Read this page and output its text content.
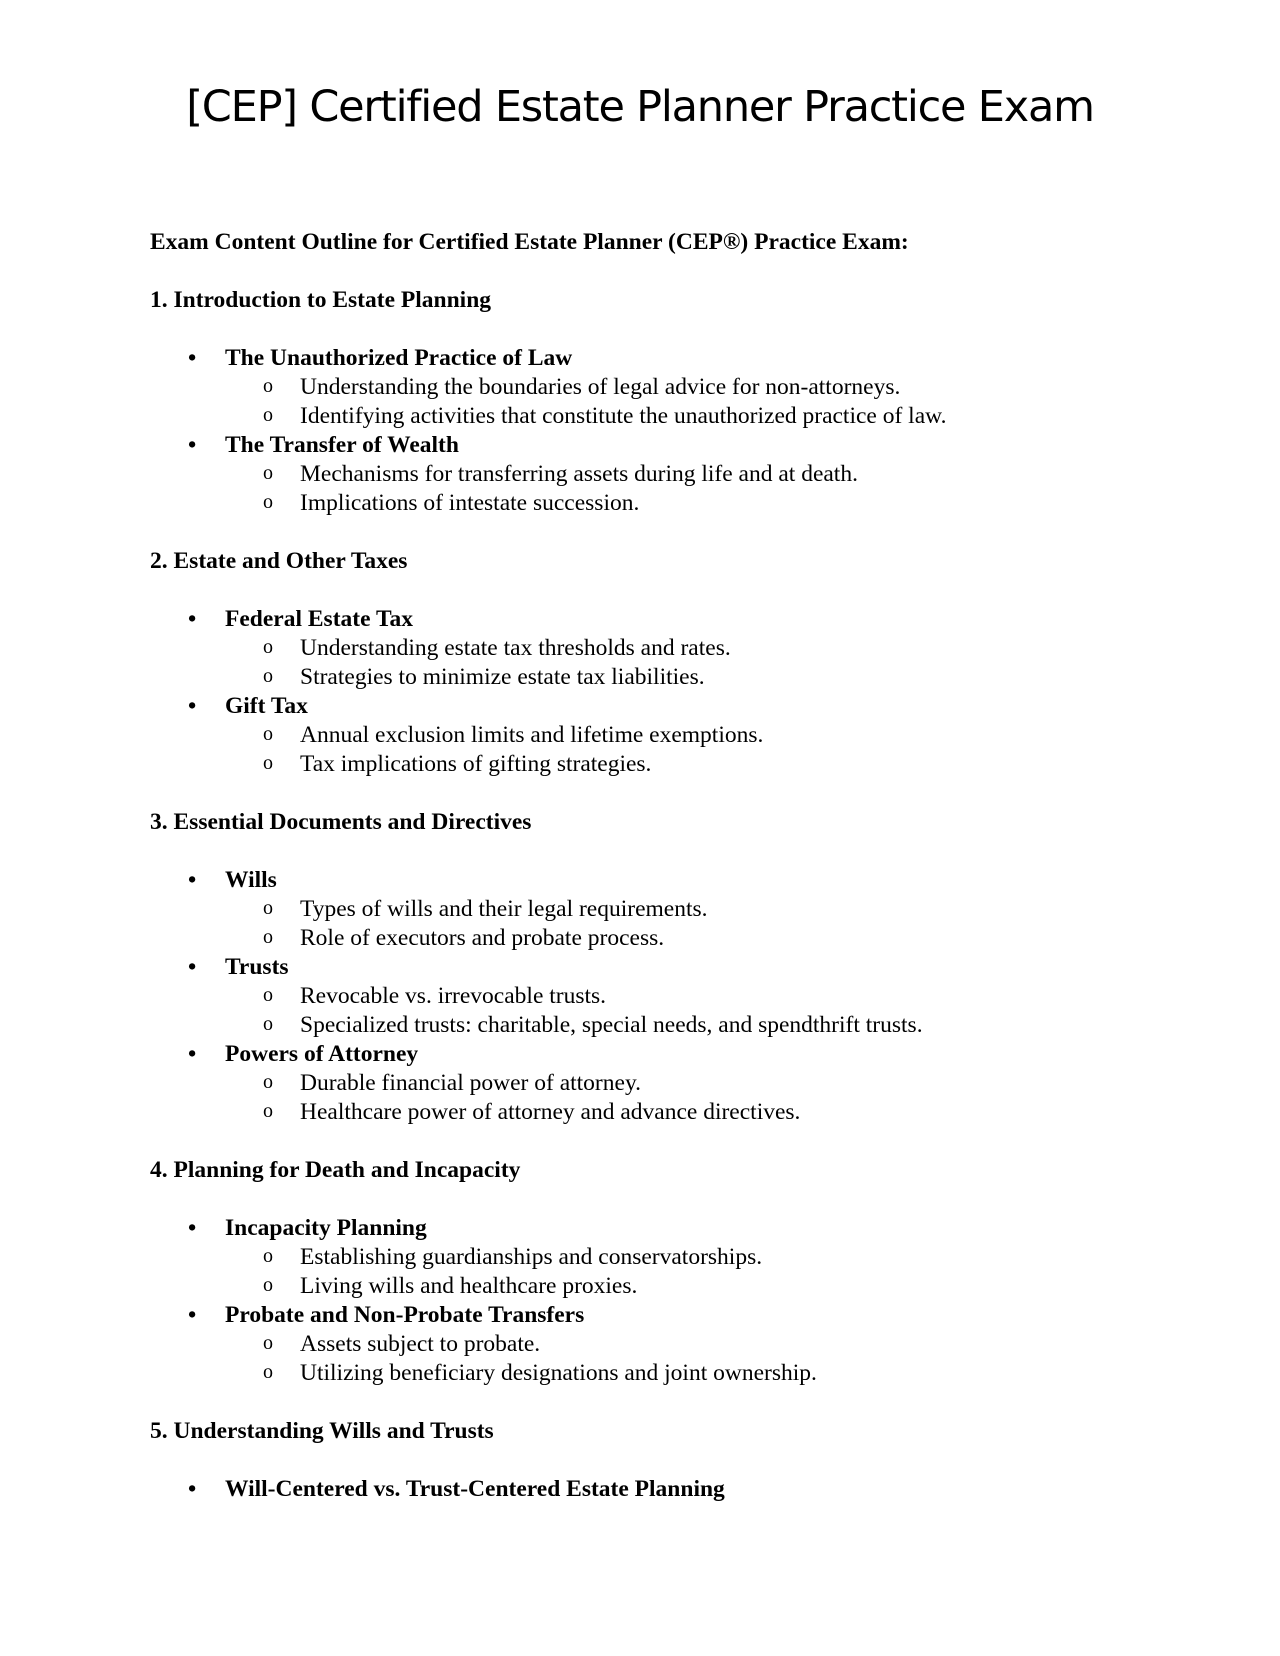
[CEP] Certified Estate Planner Practice Exam

Exam Content Outline for Certified Estate Planner (CEP®) Practice Exam:

1. Introduction to Estate Planning

• The Unauthorized Practice of Law
o Understanding the boundaries of legal advice for non-attorneys.
o Identifying activities that constitute the unauthorized practice of law.
• The Transfer of Wealth
o Mechanisms for transferring assets during life and at death.
o Implications of intestate succession.

2. Estate and Other Taxes

• Federal Estate Tax
o Understanding estate tax thresholds and rates.
o Strategies to minimize estate tax liabilities.
• Gift Tax
o Annual exclusion limits and lifetime exemptions.
o Tax implications of gifting strategies.

3. Essential Documents and Directives

• Wills
o Types of wills and their legal requirements.
o Role of executors and probate process.
• Trusts
o Revocable vs. irrevocable trusts.
o Specialized trusts: charitable, special needs, and spendthrift trusts.
• Powers of Attorney
o Durable financial power of attorney.
o Healthcare power of attorney and advance directives.

4. Planning for Death and Incapacity

• Incapacity Planning
o Establishing guardianships and conservatorships.
o Living wills and healthcare proxies.
• Probate and Non-Probate Transfers
o Assets subject to probate.
o Utilizing beneficiary designations and joint ownership.

5. Understanding Wills and Trusts

• Will-Centered vs. Trust-Centered Estate Planning
